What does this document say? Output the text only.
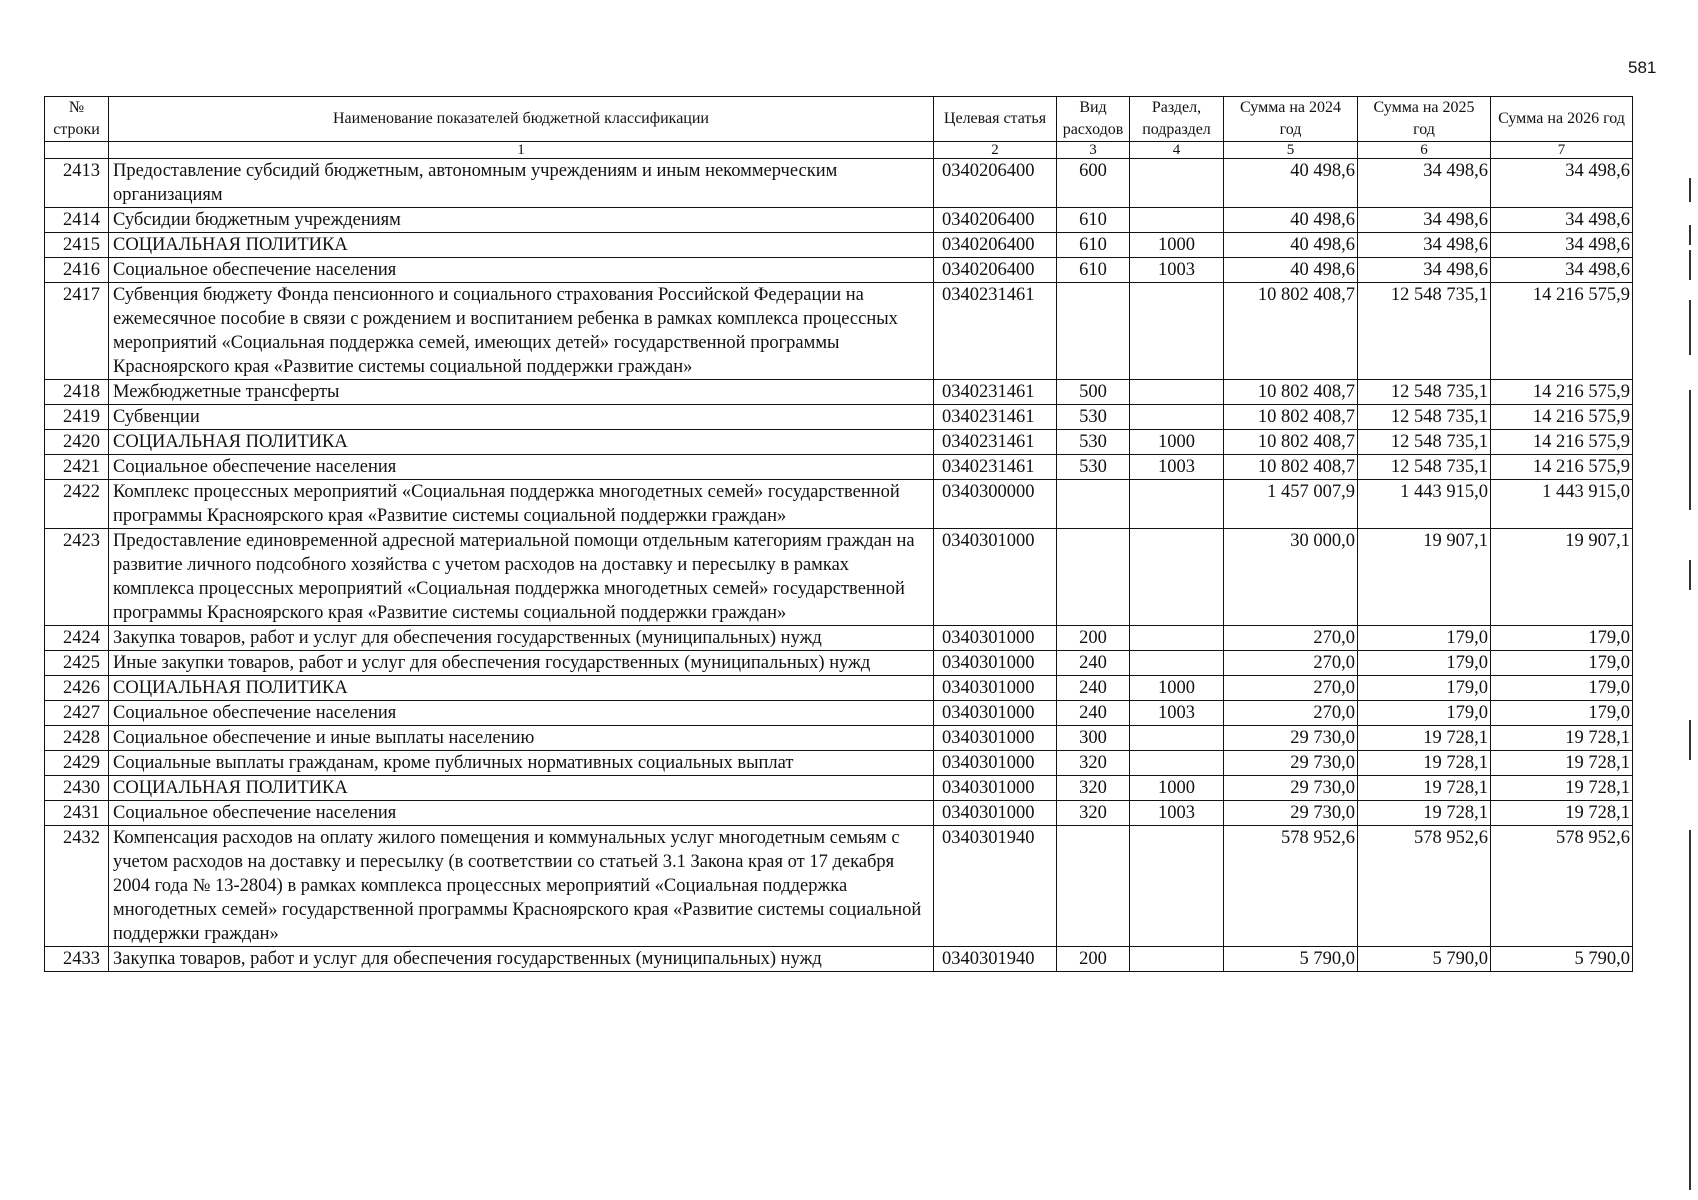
581
№ строки	Наименование показателей бюджетной классификации	Целевая статья	Вид расходов	Раздел, подраздел	Сумма на 2024 год	Сумма на 2025 год	Сумма на 2026 год
	1	2	3	4	5	6	7
2413	Предоставление субсидий бюджетным, автономным учреждениям и иным некоммерческим организациям	0340206400	600		40 498,6	34 498,6	34 498,6
2414	Субсидии бюджетным учреждениям	0340206400	610		40 498,6	34 498,6	34 498,6
2415	СОЦИАЛЬНАЯ ПОЛИТИКА	0340206400	610	1000	40 498,6	34 498,6	34 498,6
2416	Социальное обеспечение населения	0340206400	610	1003	40 498,6	34 498,6	34 498,6
2417	Субвенция бюджету Фонда пенсионного и социального страхования Российской Федерации на ежемесячное пособие в связи с рождением и воспитанием ребенка в рамках комплекса процессных мероприятий «Социальная поддержка семей, имеющих детей» государственной программы Красноярского края «Развитие системы социальной поддержки граждан»	0340231461			10 802 408,7	12 548 735,1	14 216 575,9
2418	Межбюджетные трансферты	0340231461	500		10 802 408,7	12 548 735,1	14 216 575,9
2419	Субвенции	0340231461	530		10 802 408,7	12 548 735,1	14 216 575,9
2420	СОЦИАЛЬНАЯ ПОЛИТИКА	0340231461	530	1000	10 802 408,7	12 548 735,1	14 216 575,9
2421	Социальное обеспечение населения	0340231461	530	1003	10 802 408,7	12 548 735,1	14 216 575,9
2422	Комплекс процессных мероприятий «Социальная поддержка многодетных семей» государственной программы Красноярского края «Развитие системы социальной поддержки граждан»	0340300000			1 457 007,9	1 443 915,0	1 443 915,0
2423	Предоставление единовременной адресной материальной помощи отдельным категориям граждан на развитие личного подсобного хозяйства с учетом расходов на доставку и пересылку в рамках комплекса процессных мероприятий «Социальная поддержка многодетных семей» государственной программы Красноярского края «Развитие системы социальной поддержки граждан»	0340301000			30 000,0	19 907,1	19 907,1
2424	Закупка товаров, работ и услуг для обеспечения государственных (муниципальных) нужд	0340301000	200		270,0	179,0	179,0
2425	Иные закупки товаров, работ и услуг для обеспечения государственных (муниципальных) нужд	0340301000	240		270,0	179,0	179,0
2426	СОЦИАЛЬНАЯ ПОЛИТИКА	0340301000	240	1000	270,0	179,0	179,0
2427	Социальное обеспечение населения	0340301000	240	1003	270,0	179,0	179,0
2428	Социальное обеспечение и иные выплаты населению	0340301000	300		29 730,0	19 728,1	19 728,1
2429	Социальные выплаты гражданам, кроме публичных нормативных социальных выплат	0340301000	320		29 730,0	19 728,1	19 728,1
2430	СОЦИАЛЬНАЯ ПОЛИТИКА	0340301000	320	1000	29 730,0	19 728,1	19 728,1
2431	Социальное обеспечение населения	0340301000	320	1003	29 730,0	19 728,1	19 728,1
2432	Компенсация расходов на оплату жилого помещения и коммунальных услуг многодетным семьям с учетом расходов на доставку и пересылку (в соответствии со статьей 3.1 Закона края от 17 декабря 2004 года № 13-2804) в рамках комплекса процессных мероприятий «Социальная поддержка многодетных семей» государственной программы Красноярского края «Развитие системы социальной поддержки граждан»	0340301940			578 952,6	578 952,6	578 952,6
2433	Закупка товаров, работ и услуг для обеспечения государственных (муниципальных) нужд	0340301940	200		5 790,0	5 790,0	5 790,0
